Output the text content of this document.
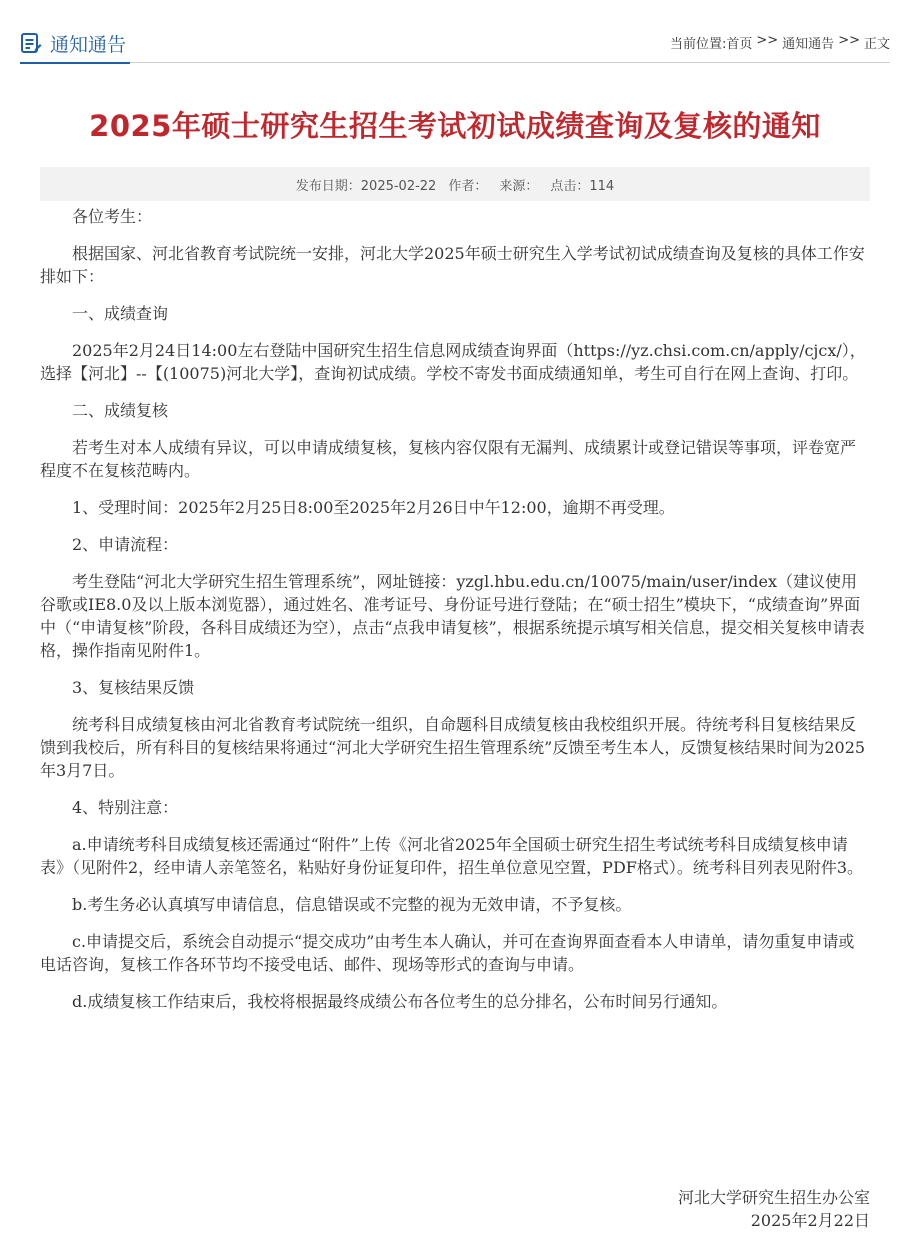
通知通告	当前位置: 首页 >> 通知通告 >> 正文
2025年硕士研究生招生考试初试成绩查询及复核的通知
发布日期：2025-02-22 作者： 来源： 点击：114

各位考生：

根据国家、河北省教育考试院统一安排，河北大学2025年硕士研究生入学考试初试成绩查询及复核的具体工作安排如下：

一、成绩查询

2025年2月24日14:00左右登陆中国研究生招生信息网成绩查询界面（https://yz.chsi.com.cn/apply/cjcx/），选择【河北】--【(10075)河北大学】，查询初试成绩。学校不寄发书面成绩通知单，考生可自行在网上查询、打印。

二、成绩复核

若考生对本人成绩有异议，可以申请成绩复核，复核内容仅限有无漏判、成绩累计或登记错误等事项，评卷宽严程度不在复核范畴内。

1、受理时间：2025年2月25日8:00至2025年2月26日中午12:00，逾期不再受理。

2、申请流程：

考生登陆“河北大学研究生招生管理系统”，网址链接：yzgl.hbu.edu.cn/10075/main/user/index（建议使用谷歌或IE8.0及以上版本浏览器），通过姓名、准考证号、身份证号进行登陆；在“硕士招生”模块下，“成绩查询”界面中（“申请复核”阶段，各科目成绩还为空），点击“点我申请复核”，根据系统提示填写相关信息，提交相关复核申请表格，操作指南见附件1。

3、复核结果反馈

统考科目成绩复核由河北省教育考试院统一组织，自命题科目成绩复核由我校组织开展。待统考科目复核结果反馈到我校后，所有科目的复核结果将通过“河北大学研究生招生管理系统”反馈至考生本人，反馈复核结果时间为2025年3月7日。

4、特别注意：

a.申请统考科目成绩复核还需通过“附件”上传《河北省2025年全国硕士研究生招生考试统考科目成绩复核申请表》（见附件2，经申请人亲笔签名，粘贴好身份证复印件，招生单位意见空置，PDF格式）。统考科目列表见附件3。

b.考生务必认真填写申请信息，信息错误或不完整的视为无效申请，不予复核。

c.申请提交后，系统会自动提示“提交成功”由考生本人确认，并可在查询界面查看本人申请单，请勿重复申请或电话咨询，复核工作各环节均不接受电话、邮件、现场等形式的查询与申请。

d.成绩复核工作结束后，我校将根据最终成绩公布各位考生的总分排名，公布时间另行通知。

河北大学研究生招生办公室
2025年2月22日
